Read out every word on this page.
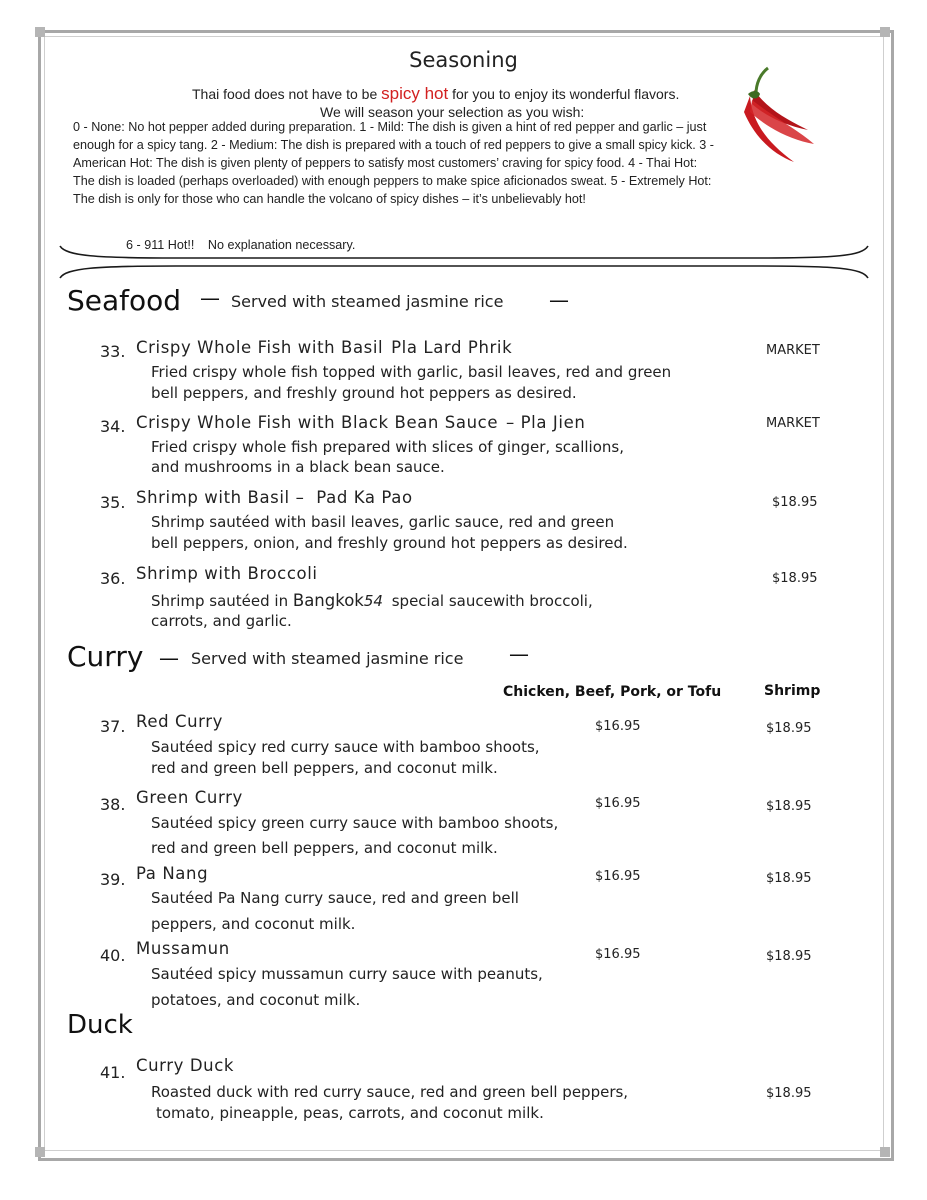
Seasoning
Thai food does not have to be spicy hot for you to enjoy its wonderful flavors.
We will season your selection as you wish:
0 - None: No hot pepper added during preparation. 1 - Mild: The dish is given a hint of red pepper and garlic – just
enough for a spicy tang. 2 - Medium: The dish is prepared with a touch of red peppers to give a small spicy kick. 3 -
American Hot: The dish is given plenty of peppers to satisfy most customers’ craving for spicy food. 4 - Thai Hot:
The dish is loaded (perhaps overloaded) with enough peppers to make spice aficionados sweat. 5 - Extremely Hot:
The dish is only for those who can handle the volcano of spicy dishes – it’s unbelievably hot!
6 - 911 Hot!! No explanation necessary.
Seafood — Served with steamed jasmine rice —
33. Crispy Whole Fish with Basil Pla Lard Phrik	MARKET
Fried crispy whole fish topped with garlic, basil leaves, red and green
bell peppers, and freshly ground hot peppers as desired.
34. Crispy Whole Fish with Black Bean Sauce – Pla Jien	MARKET
Fried crispy whole fish prepared with slices of ginger, scallions,
and mushrooms in a black bean sauce.
35. Shrimp with Basil – Pad Ka Pao	$18.95
Shrimp sautéed with basil leaves, garlic sauce, red and green
bell peppers, onion, and freshly ground hot peppers as desired.
36. Shrimp with Broccoli	$18.95
Shrimp sautéed in Bangkok54 special saucewith broccoli,
carrots, and garlic.
Curry — Served with steamed jasmine rice —
Chicken, Beef, Pork, or Tofu	Shrimp
37. Red Curry	$16.95	$18.95
Sautéed spicy red curry sauce with bamboo shoots,
red and green bell peppers, and coconut milk.
38. Green Curry	$16.95	$18.95
Sautéed spicy green curry sauce with bamboo shoots,
red and green bell peppers, and coconut milk.
39. Pa Nang	$16.95	$18.95
Sautéed Pa Nang curry sauce, red and green bell
peppers, and coconut milk.
40. Mussamun	$16.95	$18.95
Sautéed spicy mussamun curry sauce with peanuts,
potatoes, and coconut milk.
Duck
41. Curry Duck
$18.95
Roasted duck with red curry sauce, red and green bell peppers,
tomato, pineapple, peas, carrots, and coconut milk.
